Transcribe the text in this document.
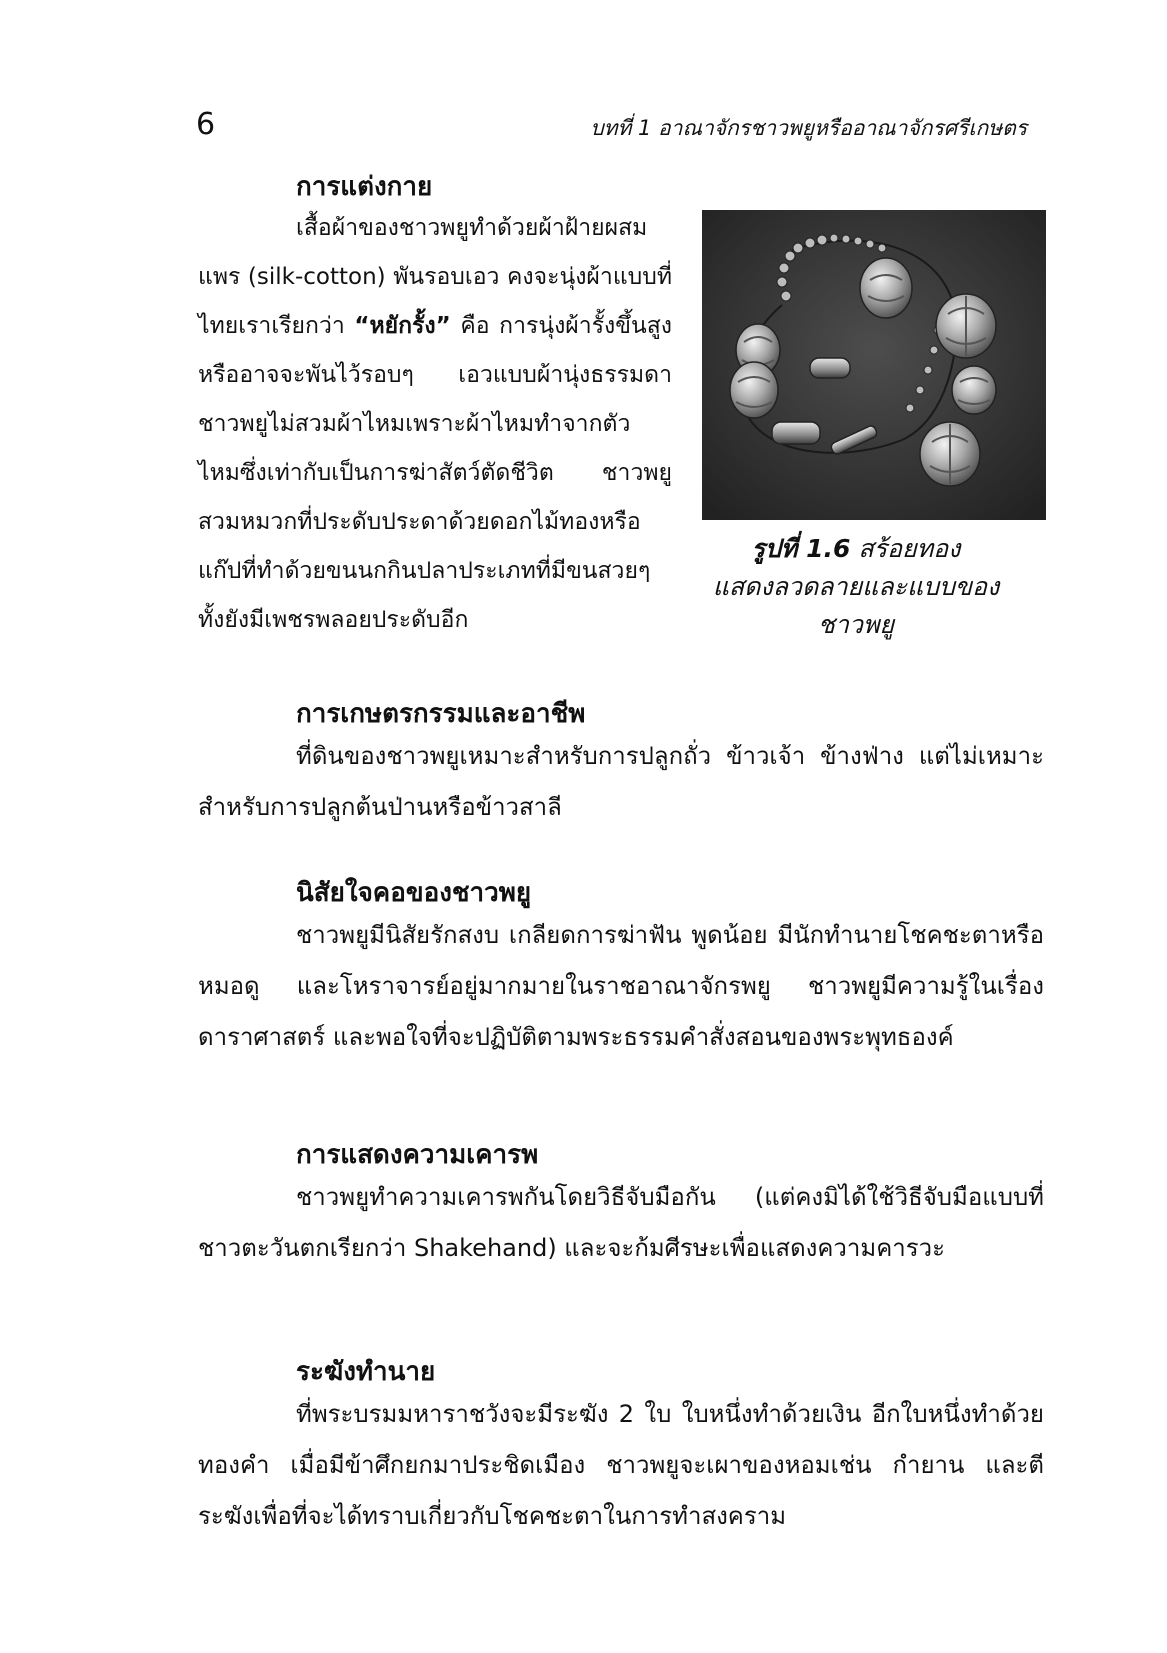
6	บทที่ 1 อาณาจักรชาวพยูหรืออาณาจักรศรีเกษตร
การแต่งกาย

เสื้อผ้าของชาวพยูทำด้วยผ้าฝ้ายผสมแพร (silk-cotton) พันรอบเอว คงจะนุ่งผ้าแบบที่ไทยเราเรียกว่า “หยักรั้ง” คือ การนุ่งผ้ารั้งขึ้นสูง หรืออาจจะพันไว้รอบๆ เอวแบบผ้านุ่งธรรมดา ชาวพยูไม่สวมผ้าไหมเพราะผ้าไหมทำจากตัวไหมซึ่งเท่ากับเป็นการฆ่าสัตว์ตัดชีวิต ชาวพยูสวมหมวกที่ประดับประดาด้วยดอกไม้ทองหรือแก๊ปที่ทำด้วยขนนกกินปลาประเภทที่มีขนสวยๆ ทั้งยังมีเพชรพลอยประดับอีก

รูปที่ 1.6 สร้อยทอง
แสดงลวดลายและแบบของ
ชาวพยู
การเกษตรกรรมและอาชีพ

ที่ดินของชาวพยูเหมาะสำหรับการปลูกถั่ว ข้าวเจ้า ข้างฟ่าง แต่ไม่เหมาะสำหรับการปลูกต้นป่านหรือข้าวสาลี

นิสัยใจคอของชาวพยู

ชาวพยูมีนิสัยรักสงบ เกลียดการฆ่าฟัน พูดน้อย มีนักทำนายโชคชะตาหรือหมอดู และโหราจารย์อยู่มากมายในราชอาณาจักรพยู ชาวพยูมีความรู้ในเรื่องดาราศาสตร์ และพอใจที่จะปฏิบัติตามพระธรรมคำสั่งสอนของพระพุทธองค์

การแสดงความเคารพ

ชาวพยูทำความเคารพกันโดยวิธีจับมือกัน (แต่คงมิได้ใช้วิธีจับมือแบบที่ชาวตะวันตกเรียกว่า Shakehand) และจะก้มศีรษะเพื่อแสดงความคารวะ

ระฆังทำนาย

ที่พระบรมมหาราชวังจะมีระฆัง 2 ใบ ใบหนึ่งทำด้วยเงิน อีกใบหนึ่งทำด้วยทองคำ เมื่อมีข้าศึกยกมาประชิดเมือง ชาวพยูจะเผาของหอมเช่น กำยาน และตีระฆังเพื่อที่จะได้ทราบเกี่ยวกับโชคชะตาในการทำสงคราม
